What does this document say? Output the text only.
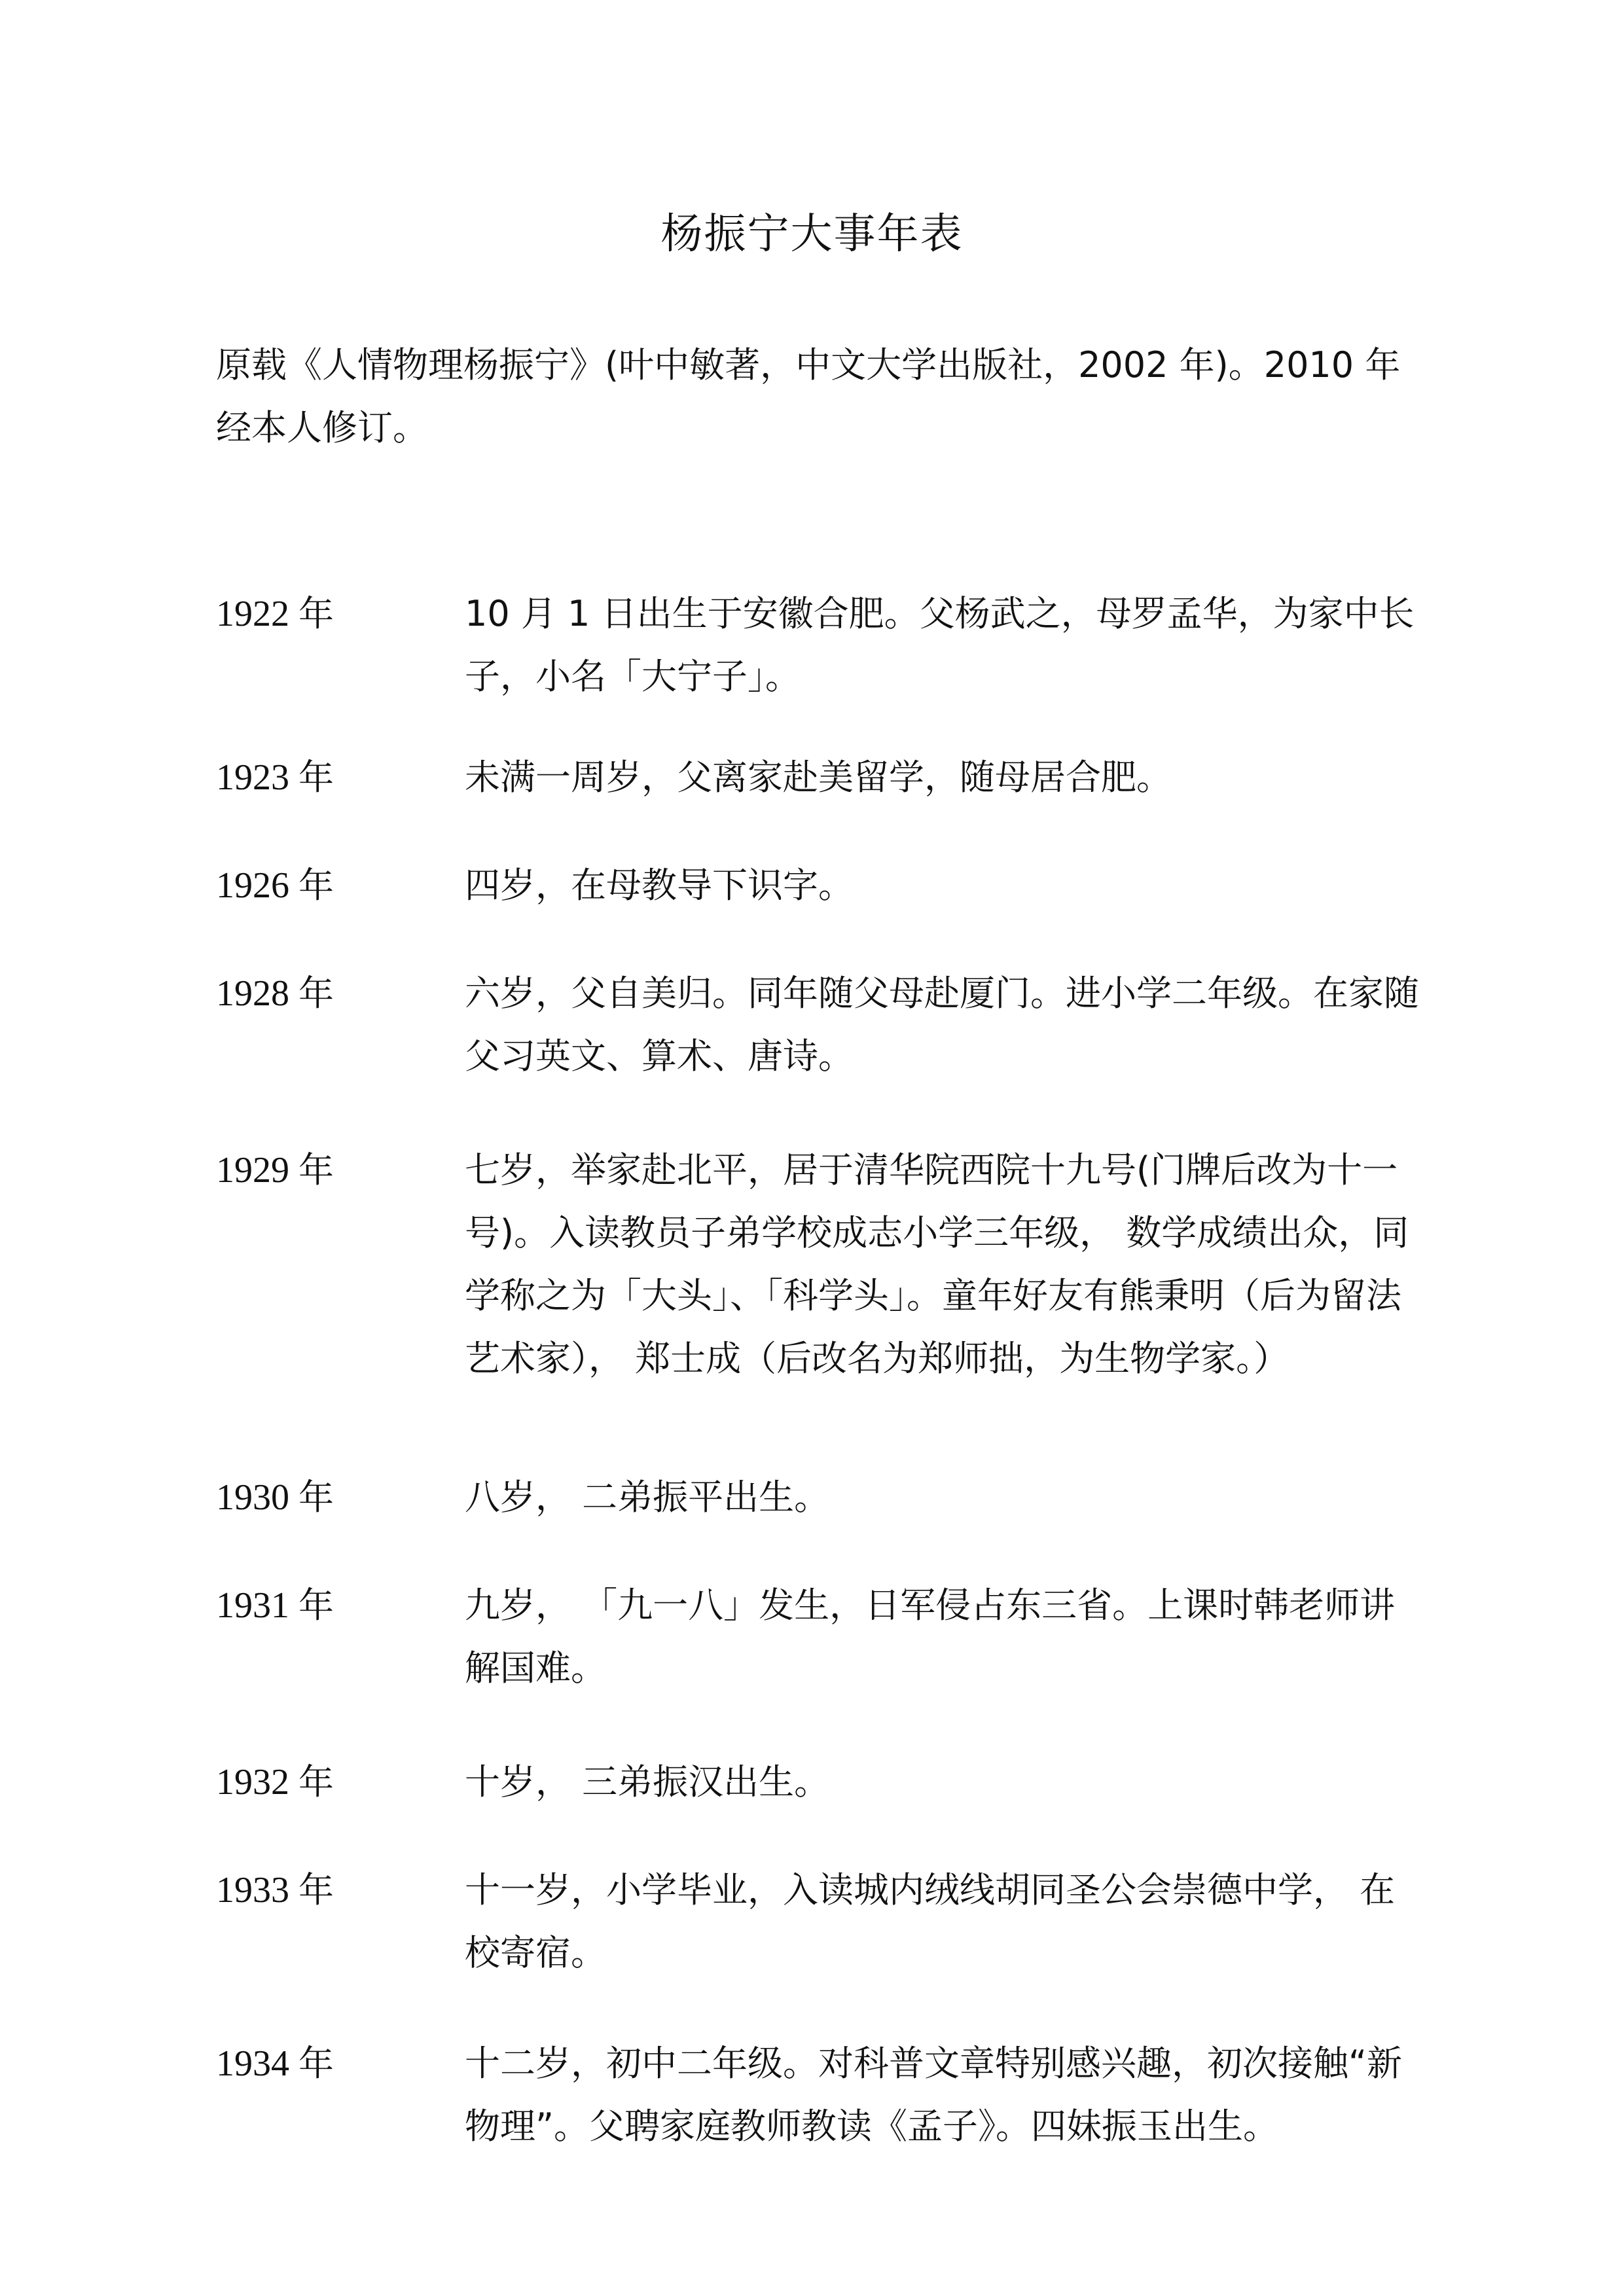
杨振宁大事年表

原载《人情物理杨振宁》(叶中敏著，中文大学出版社，2002 年)。2010 年经本人修订。

1922 年	10 月 1 日出生于安徽合肥。父杨武之，母罗孟华，为家中长子，小名「大宁子」。
1923 年	未满一周岁，父离家赴美留学，随母居合肥。
1926 年	四岁，在母教导下识字。
1928 年	六岁，父自美归。同年随父母赴厦门。进小学二年级。在家随父习英文、算术、唐诗。
1929 年	七岁，举家赴北平，居于清华院西院十九号(门牌后改为十一号)。入读教员子弟学校成志小学三年级， 数学成绩出众，同学称之为「大头」、「科学头」。童年好友有熊秉明（后为留法艺术家）， 郑士成（后改名为郑师拙，为生物学家。）
1930 年	八岁， 二弟振平出生。
1931 年	九岁， 「九一八」发生，日军侵占东三省。上课时韩老师讲解国难。
1932 年	十岁， 三弟振汉出生。
1933 年	十一岁，小学毕业，入读城内绒线胡同圣公会崇德中学， 在校寄宿。
1934 年	十二岁，初中二年级。对科普文章特别感兴趣，初次接触“新物理”。父聘家庭教师教读《孟子》。四妹振玉出生。
